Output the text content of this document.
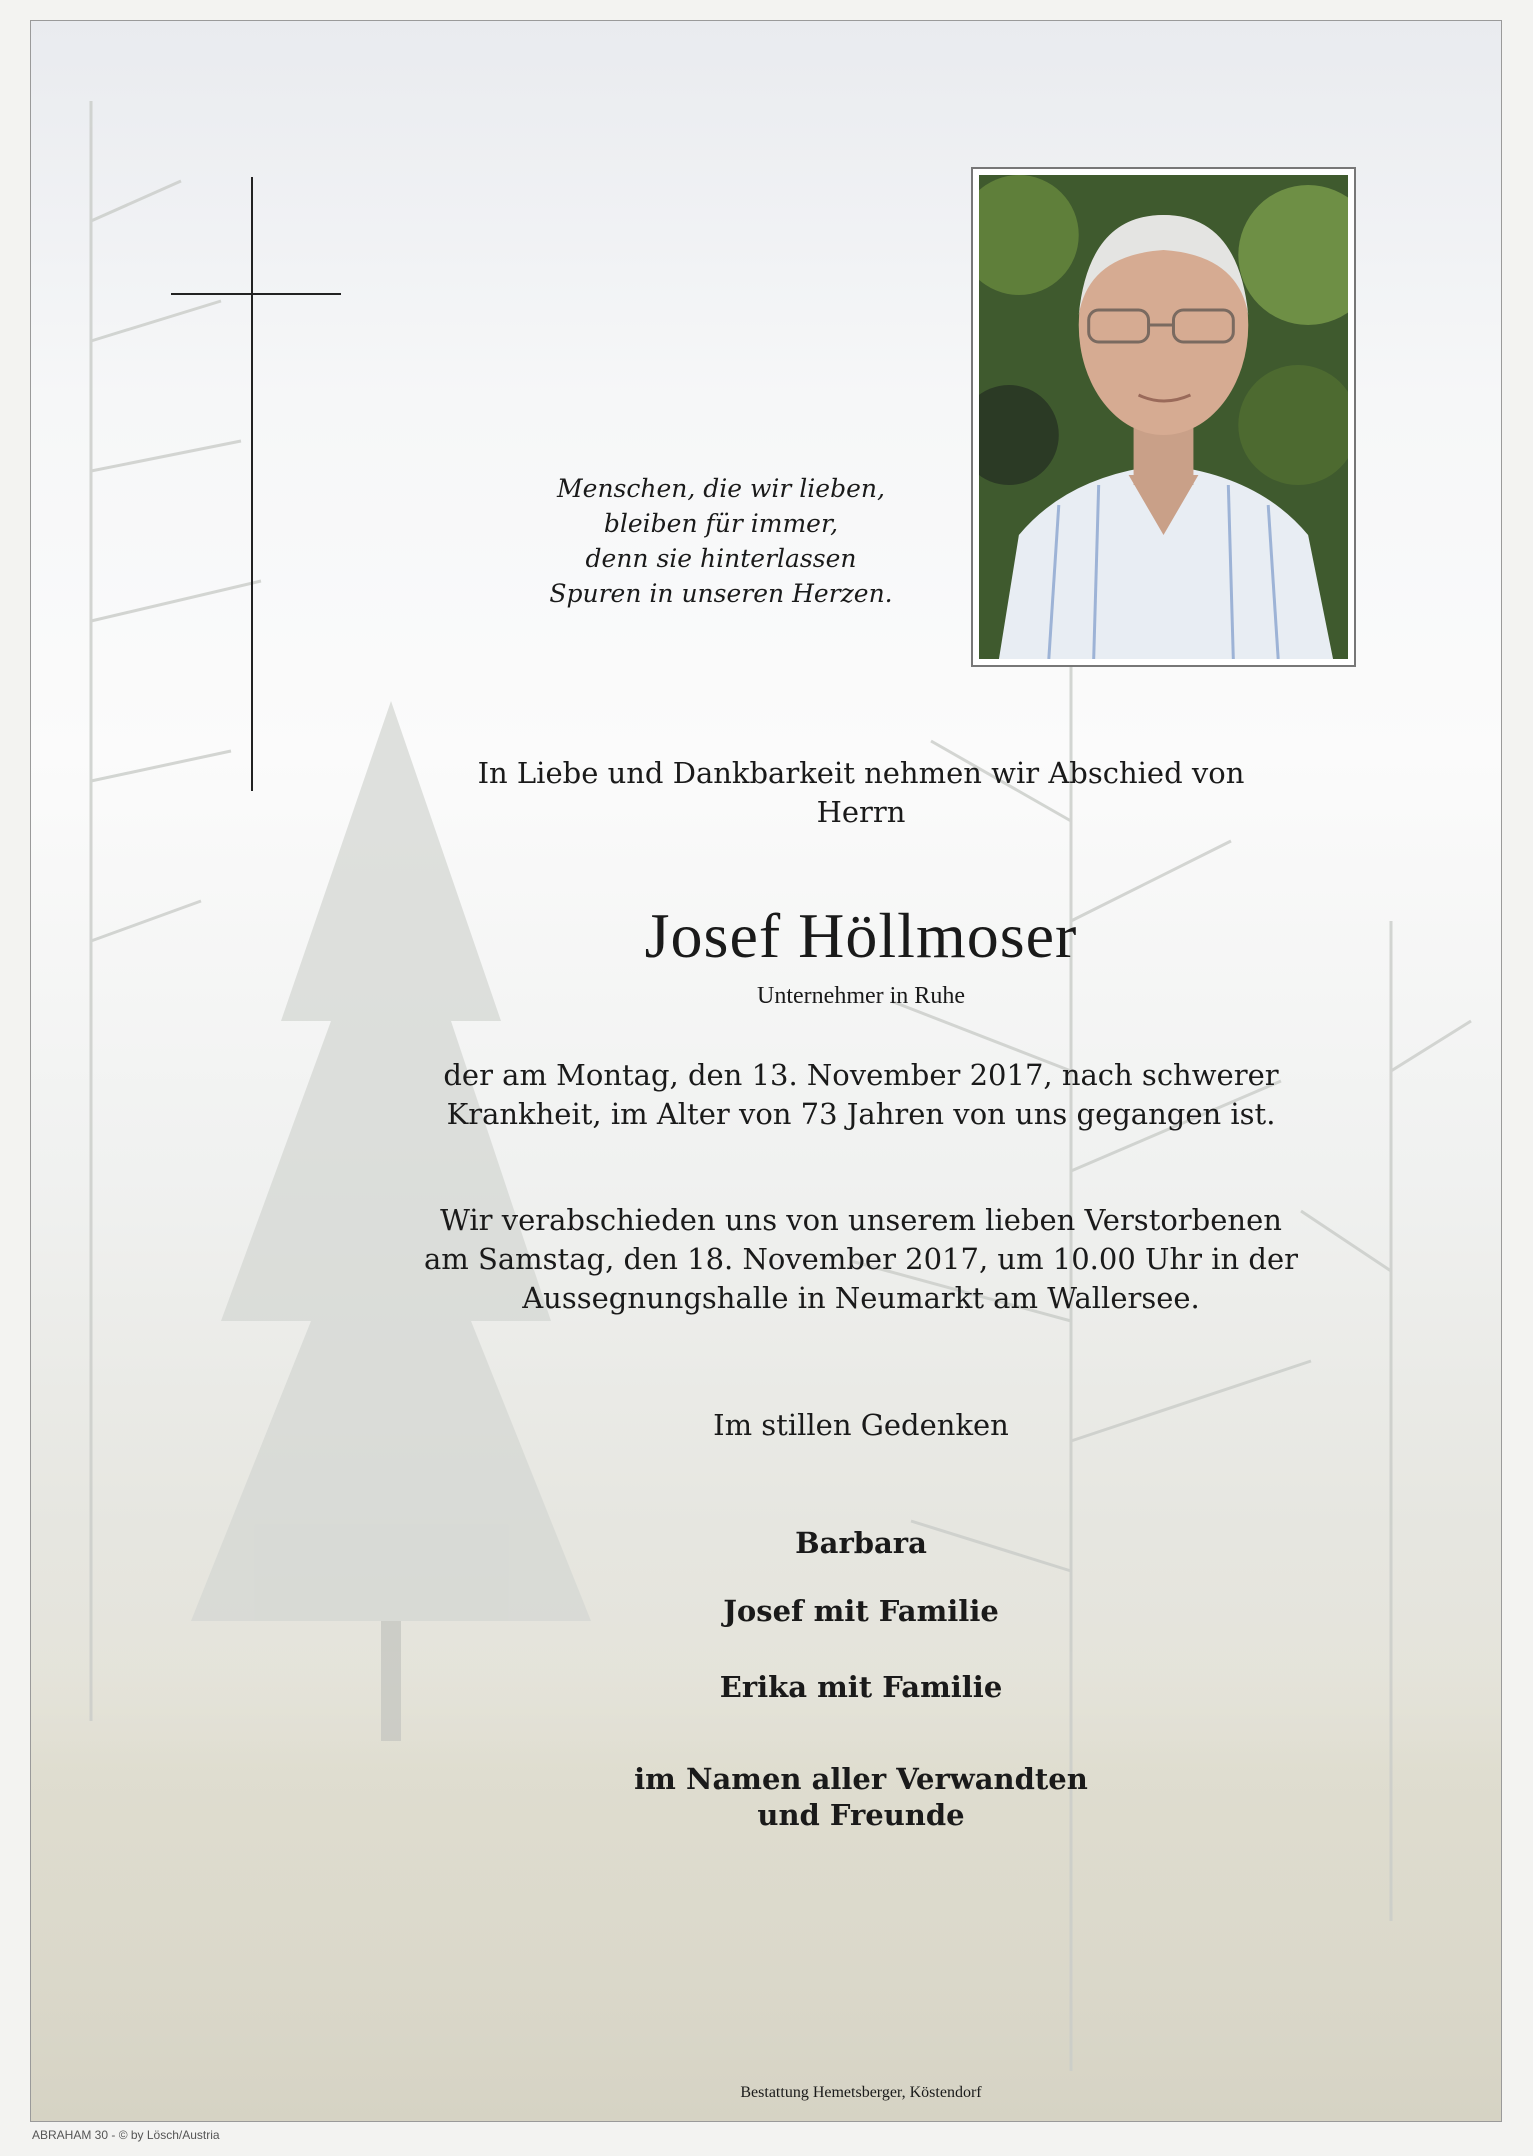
Menschen, die wir lieben,
bleiben für immer,
denn sie hinterlassen
Spuren in unseren Herzen.
In Liebe und Dankbarkeit nehmen wir Abschied von
Herrn
Josef Höllmoser
Unternehmer in Ruhe
der am Montag, den 13. November 2017, nach schwerer
Krankheit, im Alter von 73 Jahren von uns gegangen ist.
Wir verabschieden uns von unserem lieben Verstorbenen
am Samstag, den 18. November 2017, um 10.00 Uhr in der
Aussegnungshalle in Neumarkt am Wallersee.
Im stillen Gedenken
Barbara
Josef mit Familie
Erika mit Familie
im Namen aller Verwandten
und Freunde
Bestattung Hemetsberger, Köstendorf
ABRAHAM 30 - © by Lösch/Austria
